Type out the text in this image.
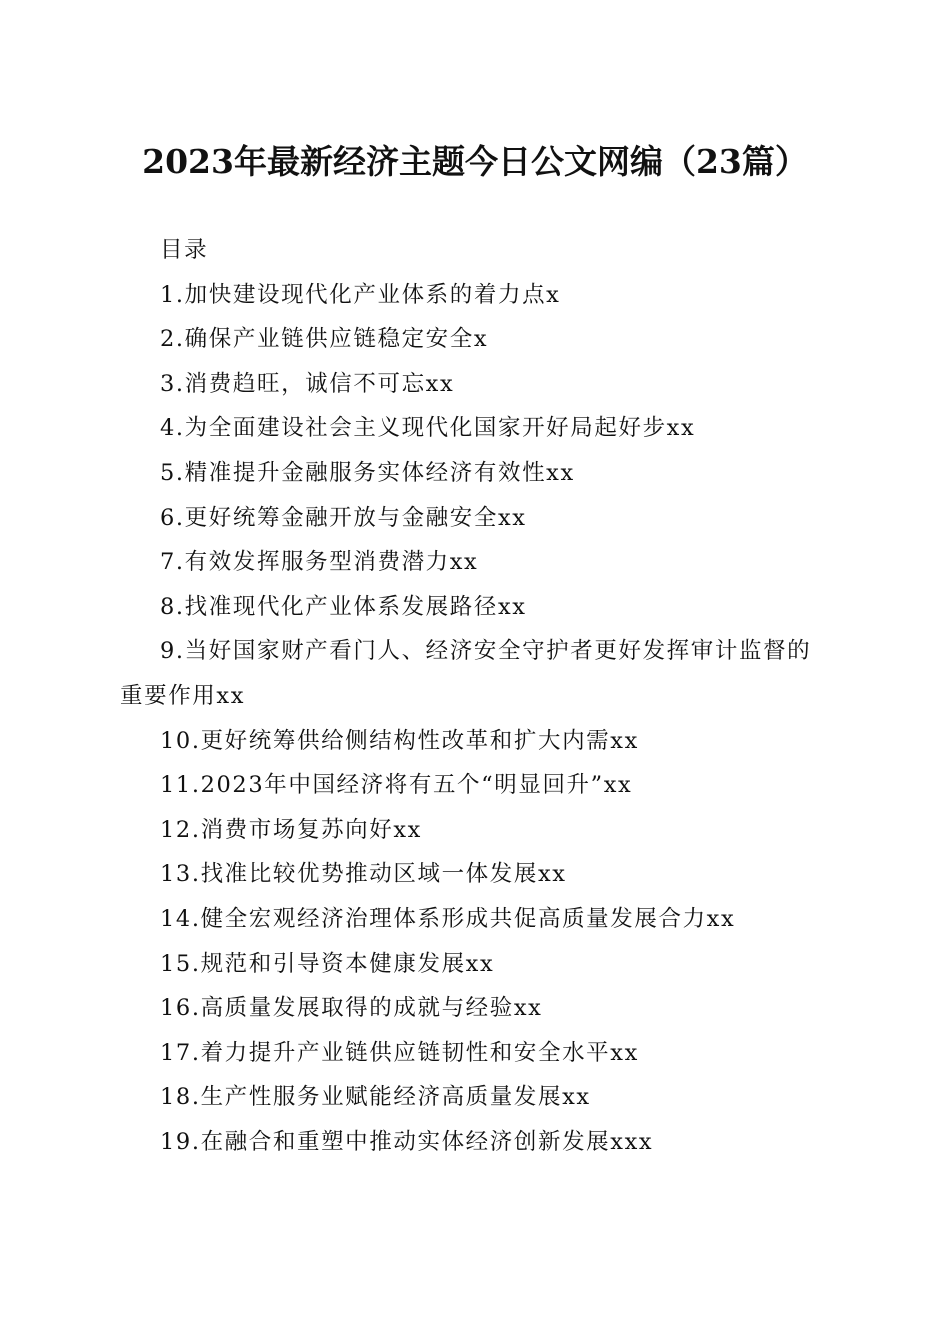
2023年最新经济主题今日公文网编（23篇）
目录
1.加快建设现代化产业体系的着力点x
2.确保产业链供应链稳定安全x
3.消费趋旺，诚信不可忘xx
4.为全面建设社会主义现代化国家开好局起好步xx
5.精准提升金融服务实体经济有效性xx
6.更好统筹金融开放与金融安全xx
7.有效发挥服务型消费潜力xx
8.找准现代化产业体系发展路径xx
9.当好国家财产看门人、经济安全守护者更好发挥审计监督的重要作用xx
10.更好统筹供给侧结构性改革和扩大内需xx
11.2023年中国经济将有五个“明显回升”xx
12.消费市场复苏向好xx
13.找准比较优势推动区域一体发展xx
14.健全宏观经济治理体系形成共促高质量发展合力xx
15.规范和引导资本健康发展xx
16.高质量发展取得的成就与经验xx
17.着力提升产业链供应链韧性和安全水平xx
18.生产性服务业赋能经济高质量发展xx
19.在融合和重塑中推动实体经济创新发展xxx
